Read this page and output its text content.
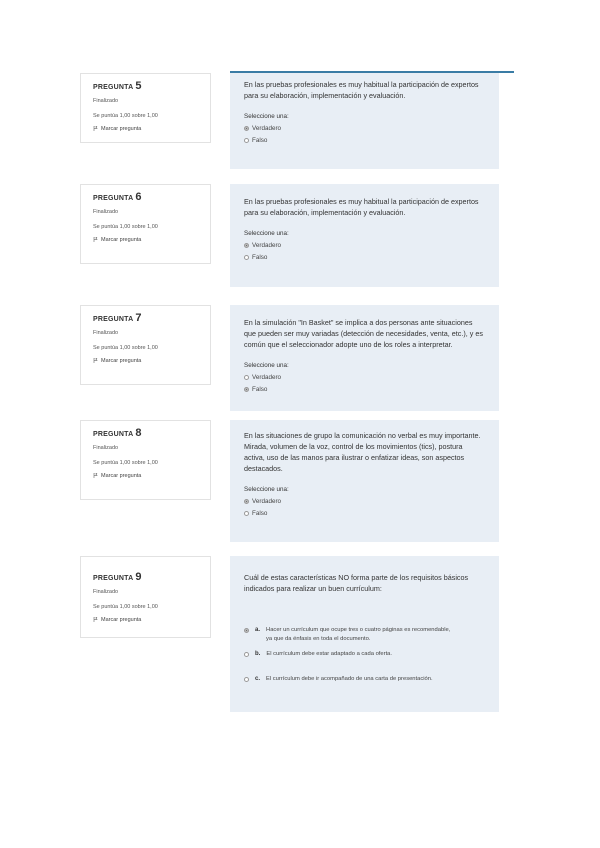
PREGUNTA 5
Finalizado
Se puntúa 1,00 sobre 1,00
Marcar pregunta
En las pruebas profesionales es muy habitual la participación de expertos para su elaboración, implementación y evaluación.
Seleccione una:
Verdadero
Falso
PREGUNTA 6
Finalizado
Se puntúa 1,00 sobre 1,00
Marcar pregunta
En las pruebas profesionales es muy habitual la participación de expertos para su elaboración, implementación y evaluación.
Seleccione una:
Verdadero
Falso
PREGUNTA 7
Finalizado
Se puntúa 1,00 sobre 1,00
Marcar pregunta
En la simulación "In Basket" se implica a dos personas ante situaciones que pueden ser muy variadas (detección de necesidades, venta, etc.), y es común que el seleccionador adopte uno de los roles a interpretar.
Seleccione una:
Verdadero
Falso
PREGUNTA 8
Finalizado
Se puntúa 1,00 sobre 1,00
Marcar pregunta
En las situaciones de grupo la comunicación no verbal es muy importante. Mirada, volumen de la voz, control de los movimientos (tics), postura activa, uso de las manos para ilustrar o enfatizar ideas, son aspectos destacados.
Seleccione una:
Verdadero
Falso
PREGUNTA 9
Finalizado
Se puntúa 1,00 sobre 1,00
Marcar pregunta
Cuál de estas características NO forma parte de los requisitos básicos indicados para realizar un buen currículum:
a. Hacer un currículum que ocupe tres o cuatro páginas es recomendable, ya que da énfasis en toda el documento.
b. El currículum debe estar adaptado a cada oferta.
c. El currículum debe ir acompañado de una carta de presentación.
